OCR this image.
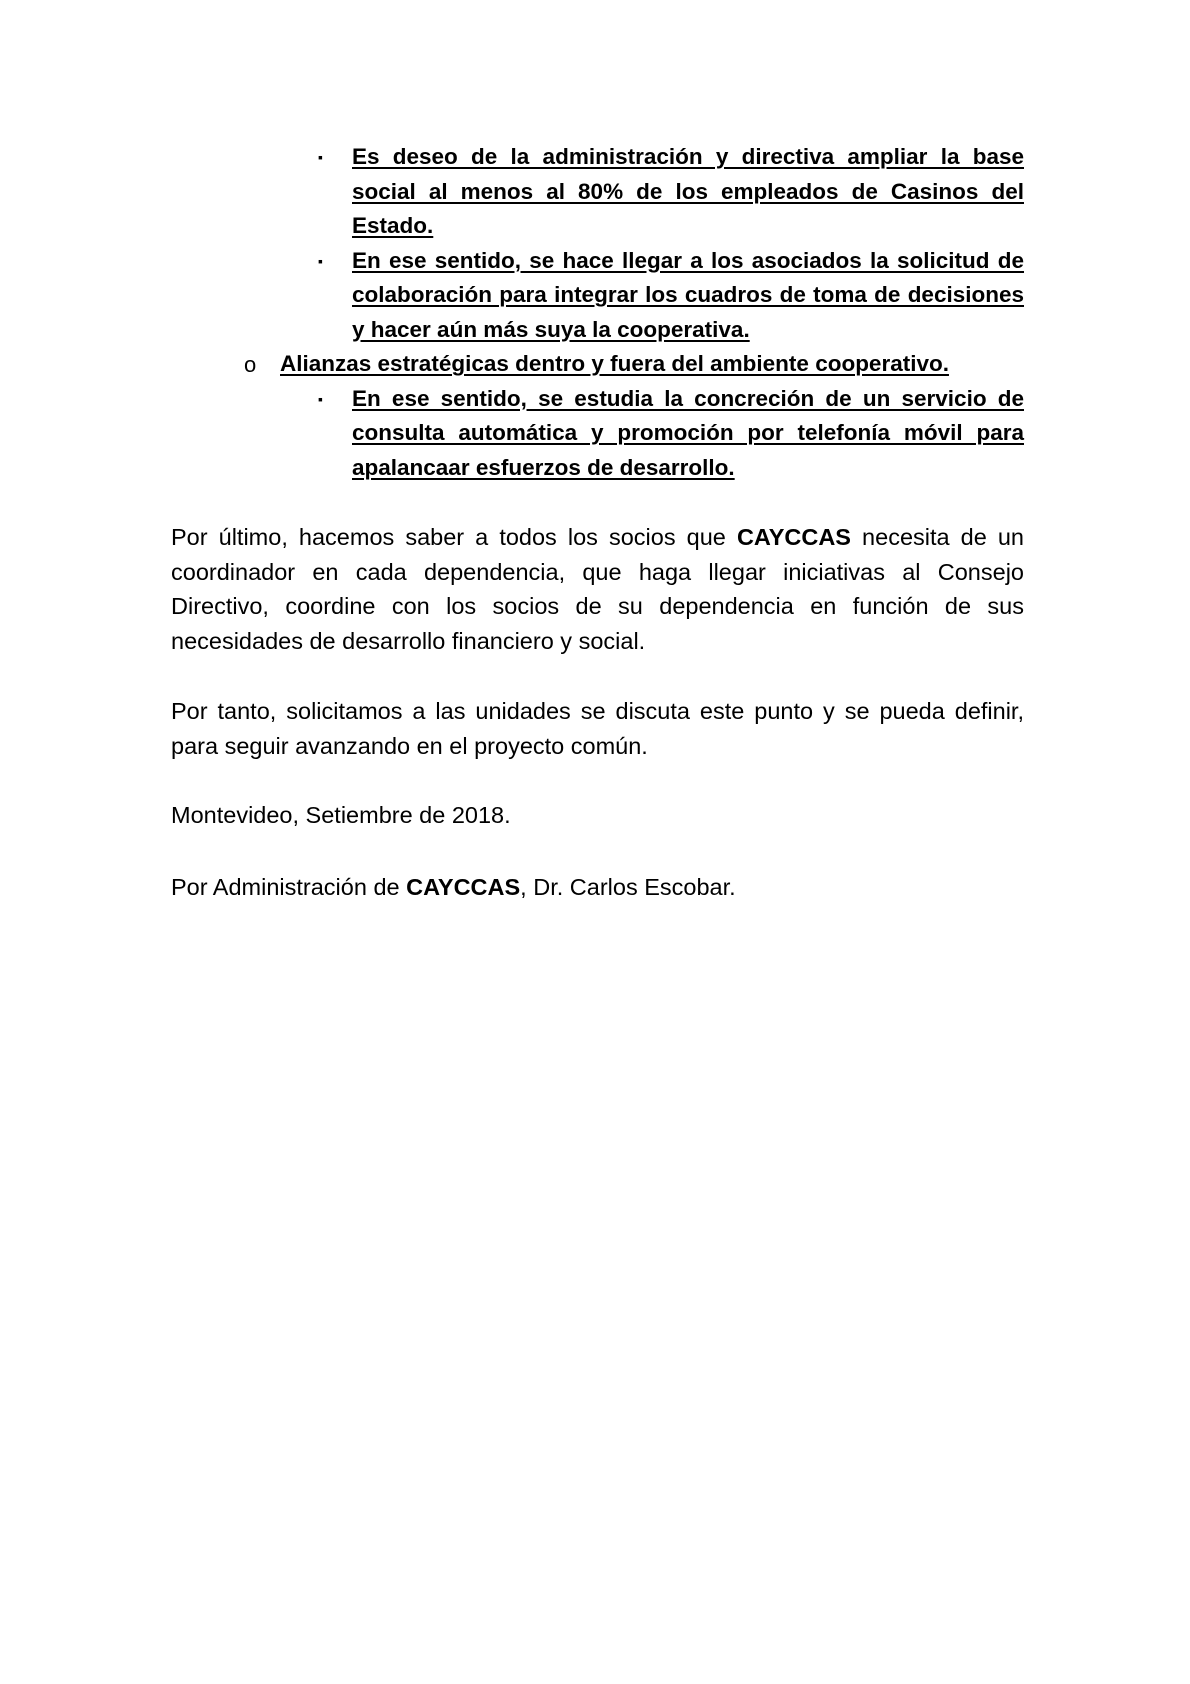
▪ Es deseo de la administración y directiva ampliar la base social al menos al 80% de los empleados de Casinos del Estado.
▪ En ese sentido, se hace llegar a los asociados la solicitud de colaboración para integrar los cuadros de toma de decisiones y hacer aún más suya la cooperativa.
o Alianzas estratégicas dentro y fuera del ambiente cooperativo.
▪ En ese sentido, se estudia la concreción de un servicio de consulta automática y promoción por telefonía móvil para apalancaar esfuerzos de desarrollo.

Por último, hacemos saber a todos los socios que CAYCCAS necesita de un coordinador en cada dependencia, que haga llegar iniciativas al Consejo Directivo, coordine con los socios de su dependencia en función de sus necesidades de desarrollo financiero y social.

Por tanto, solicitamos a las unidades se discuta este punto y se pueda definir, para seguir avanzando en el proyecto común.

Montevideo, Setiembre de 2018.

Por Administración de CAYCCAS, Dr. Carlos Escobar.
